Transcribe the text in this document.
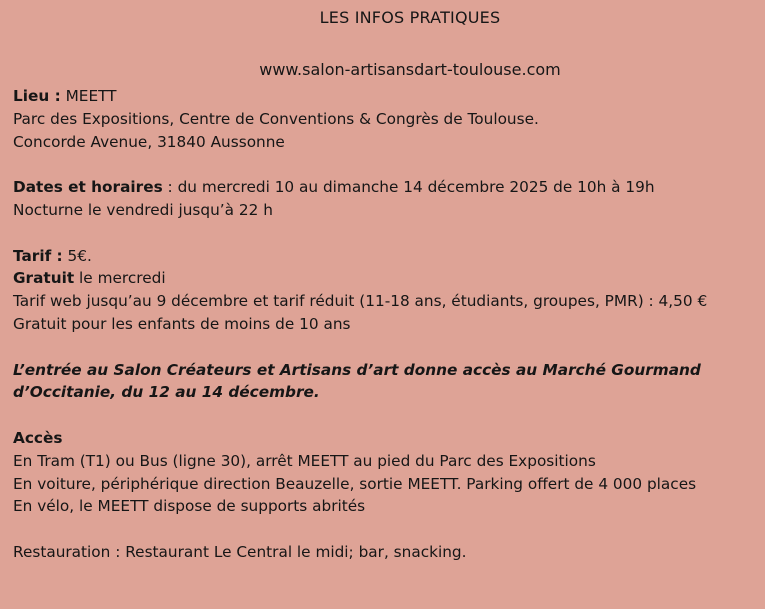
LES INFOS PRATIQUES
www.salon-artisansdart-toulouse.com
Lieu : MEETT
Parc des Expositions, Centre de Conventions & Congrès de Toulouse.
Concorde Avenue, 31840 Aussonne
Dates et horaires : du mercredi 10 au dimanche 14 décembre 2025 de 10h à 19h
Nocturne le vendredi jusqu’à 22 h
Tarif : 5€.
Gratuit le mercredi
Tarif web jusqu’au 9 décembre et tarif réduit (11-18 ans, étudiants, groupes, PMR) : 4,50 €
Gratuit pour les enfants de moins de 10 ans
L’entrée au Salon Créateurs et Artisans d’art donne accès au Marché Gourmand d’Occitanie, du 12 au 14 décembre.
Accès
En Tram (T1) ou Bus (ligne 30), arrêt MEETT au pied du Parc des Expositions
En voiture, périphérique direction Beauzelle, sortie MEETT. Parking offert de 4 000 places
En vélo, le MEETT dispose de supports abrités
Restauration : Restaurant Le Central le midi; bar, snacking.
